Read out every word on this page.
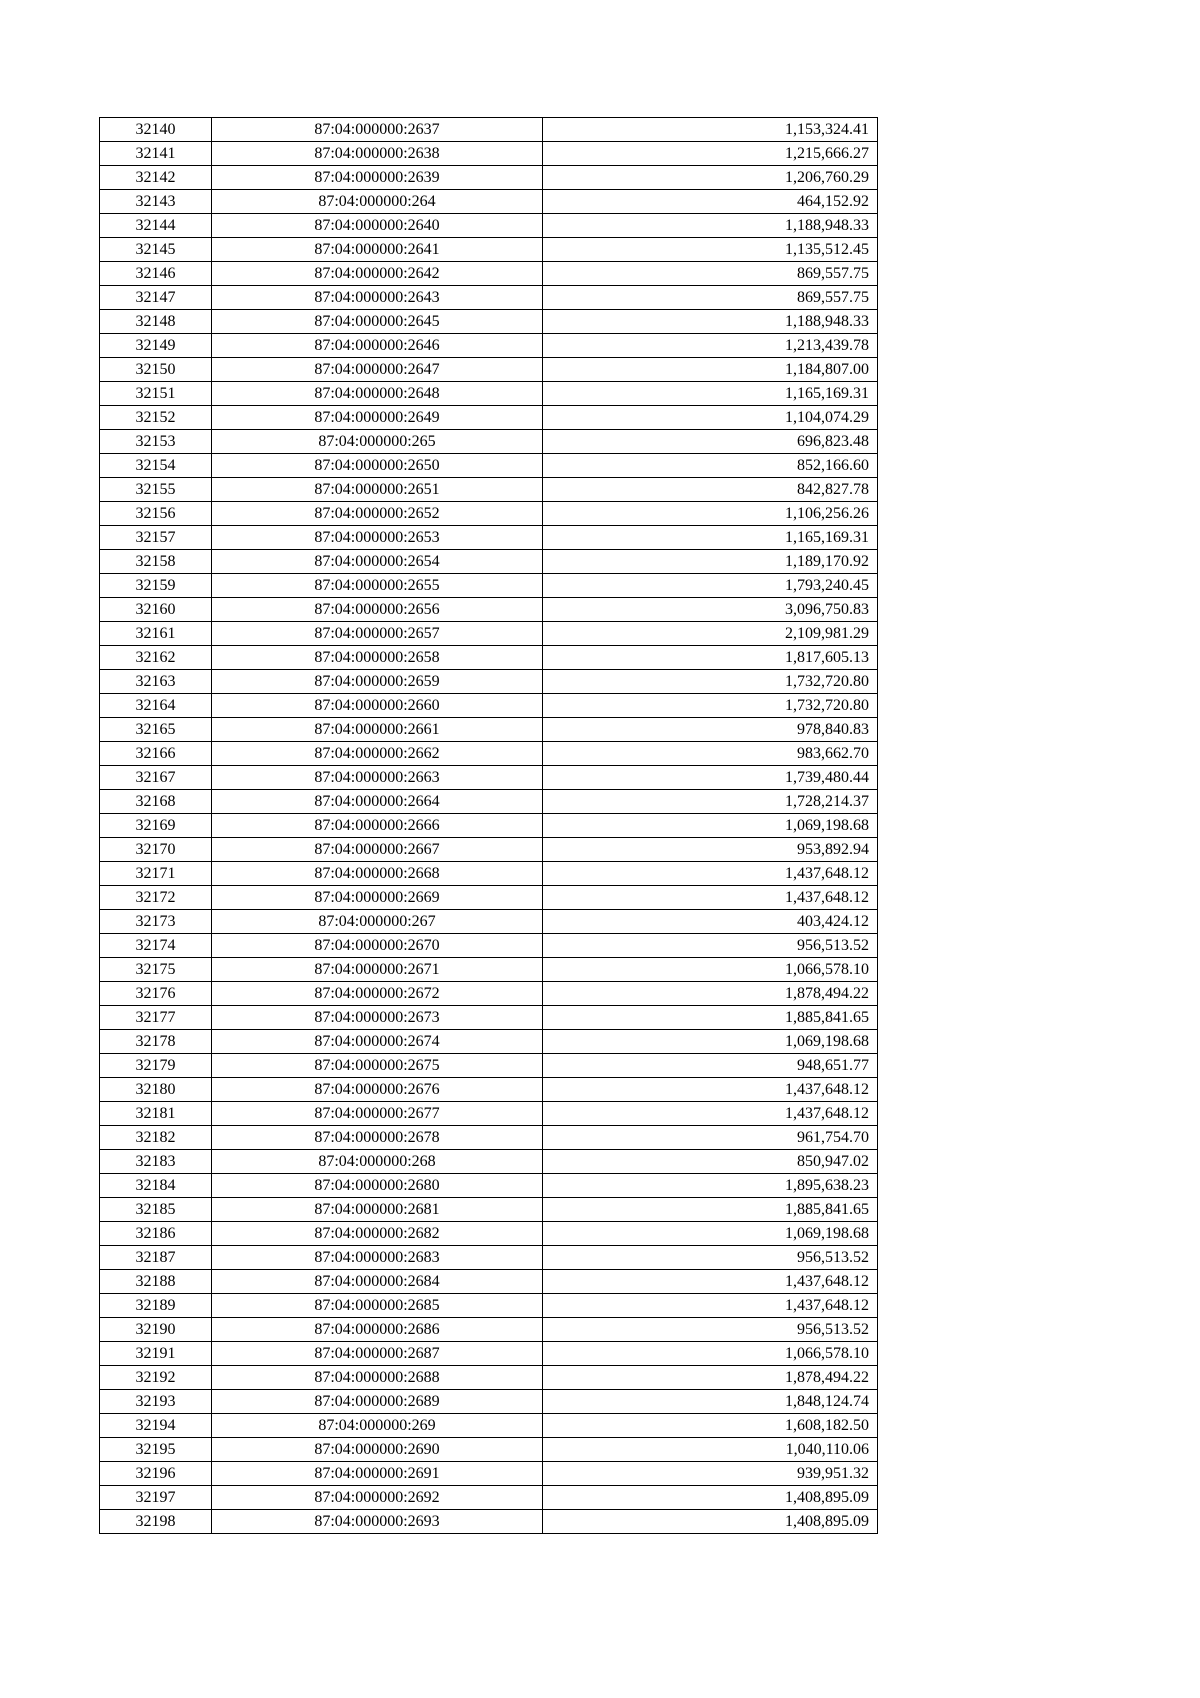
32140	87:04:000000:2637	1,153,324.41
32141	87:04:000000:2638	1,215,666.27
32142	87:04:000000:2639	1,206,760.29
32143	87:04:000000:264	464,152.92
32144	87:04:000000:2640	1,188,948.33
32145	87:04:000000:2641	1,135,512.45
32146	87:04:000000:2642	869,557.75
32147	87:04:000000:2643	869,557.75
32148	87:04:000000:2645	1,188,948.33
32149	87:04:000000:2646	1,213,439.78
32150	87:04:000000:2647	1,184,807.00
32151	87:04:000000:2648	1,165,169.31
32152	87:04:000000:2649	1,104,074.29
32153	87:04:000000:265	696,823.48
32154	87:04:000000:2650	852,166.60
32155	87:04:000000:2651	842,827.78
32156	87:04:000000:2652	1,106,256.26
32157	87:04:000000:2653	1,165,169.31
32158	87:04:000000:2654	1,189,170.92
32159	87:04:000000:2655	1,793,240.45
32160	87:04:000000:2656	3,096,750.83
32161	87:04:000000:2657	2,109,981.29
32162	87:04:000000:2658	1,817,605.13
32163	87:04:000000:2659	1,732,720.80
32164	87:04:000000:2660	1,732,720.80
32165	87:04:000000:2661	978,840.83
32166	87:04:000000:2662	983,662.70
32167	87:04:000000:2663	1,739,480.44
32168	87:04:000000:2664	1,728,214.37
32169	87:04:000000:2666	1,069,198.68
32170	87:04:000000:2667	953,892.94
32171	87:04:000000:2668	1,437,648.12
32172	87:04:000000:2669	1,437,648.12
32173	87:04:000000:267	403,424.12
32174	87:04:000000:2670	956,513.52
32175	87:04:000000:2671	1,066,578.10
32176	87:04:000000:2672	1,878,494.22
32177	87:04:000000:2673	1,885,841.65
32178	87:04:000000:2674	1,069,198.68
32179	87:04:000000:2675	948,651.77
32180	87:04:000000:2676	1,437,648.12
32181	87:04:000000:2677	1,437,648.12
32182	87:04:000000:2678	961,754.70
32183	87:04:000000:268	850,947.02
32184	87:04:000000:2680	1,895,638.23
32185	87:04:000000:2681	1,885,841.65
32186	87:04:000000:2682	1,069,198.68
32187	87:04:000000:2683	956,513.52
32188	87:04:000000:2684	1,437,648.12
32189	87:04:000000:2685	1,437,648.12
32190	87:04:000000:2686	956,513.52
32191	87:04:000000:2687	1,066,578.10
32192	87:04:000000:2688	1,878,494.22
32193	87:04:000000:2689	1,848,124.74
32194	87:04:000000:269	1,608,182.50
32195	87:04:000000:2690	1,040,110.06
32196	87:04:000000:2691	939,951.32
32197	87:04:000000:2692	1,408,895.09
32198	87:04:000000:2693	1,408,895.09
